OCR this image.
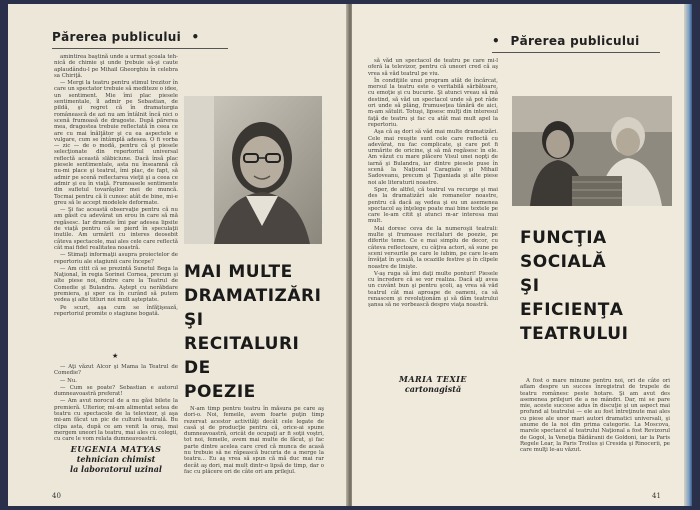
Părerea publicului •

amintirea baştină unde a urmat şcoala teh-nică de chimie şi unde ţrebuie să-şi caute aplaudându-l pe Mihail Gheorghiu în celebra sa Chiriţă.

— Mergi la teatru pentru stimul trezitor în care un spectator trebuie să mediteze o idee, un sentiment. Mie îmi plac piesele sentimentale, îl admir pe Sebastian, de pildă, şi regret că în dramaturgia românească de azi nu am întâlnit încă nici o scenă frumoasă de dragoste. După părerea mea, dragostea trebuie reflectată în ceea ce are cu mai înălţător şi cu ea aspectele e vulgare, cum se întâmplă adesea. O fi vorba — zic — de o modă, pentru că şi piesele selecţionate din repertoriul universal reflectă această slăbiciune. Dacă însă plac piesele sentimentale, asta nu înseamnă că nu-mi place şi teatrul, îmi plac, de fapt, să admir pe scenă reflectarea vieţii şi a ceea ce admir şi eu în viaţă. Frumoasele sentimente din sufletul tovarăşilor mei de muncă. Tocmai pentru că îi cunosc atât de bine, mi-e greu să le accept modelele deformate.

— Şi fac această observaţie pentru că nu am găsit cu adevărat un erou în care să mă regăsesc. Iar dramele îmi par adesea lipsite de viaţă pentru că se pierd în speculaţii inutile. Am urmărit cu interes deosebit câteva spectacole, mai ales cele care reflectă cât mai fidel realitatea noastră.

— Stimaţi informaţii asupra proiectelor de repertoriu ale stagiunii care începe?

— Am citit că se prezintă Sunetul Bega la Naţional, în regia Sorinei Cornea, precum şi alte piese noi, dintre care la Teatrul de Comedie şi Bulandra. Aştept cu nerăbdare premiera, şi sper ca în curând să putem vedea şi alte titluri noi mult aşteptate.

Pe scurt, aşa cum se înfăţişează, repertoriul promite o stagiune bogată.

★

— Aţi văzut Alcor şi Mama la Teatrul de Comedie?

— Nu.

— Cum se poate? Sebastian e autorul dumneavoastră preferat!

— Am avut norocul de a nu găsi bilete la premieră. Ulterior, mi-am alimentat setea de teatru cu spectacole de la televizor, şi aşa mi-am făcut un pic de cultură teatrală. Bu clipa asta, după ce am venit la oraş, mai mergem uneori la teatru, mai ales cu colegii, cu care le vom relata dumneavoastră.

EUGENIA MATYAS
tehnician chimist
la laboratorul uzinal
MAI MULTE
DRAMATIZĂRI
ŞI
RECITALURI
DE
POEZIE

N-am timp pentru teatru în măsura pe care aş dori-o. Noi, femeile, avem foarte puţin timp rezervat acestor activităţi decât cele legate de casă şi de producţie pentru că, orice-ai spune dumneavoastră, oricât de ocupaţi ar fi soţii voştri, tot noi, femeile, avem mai multe de făcut, şi fac parte dintre acelea care cred că munca de acasă nu trebuie să ne răpească bucuria de a merge la teatru... Eu aş vrea să spun că mă duc mai rar decât aş dori, mai mult dintr-o lipsă de timp, dar o fac cu plăcere ori de câte ori am prilejul.

40
• Părerea publicului

să văd un spectacol de teatru pe care mi-l oferă la televizor, pentru că uneori cred că aş vrea să văd teatrul pe viu.

În condiţiile unui program atât de încărcat, mersul la teatru este o veritabilă sărbătoare, cu emoţie şi cu bucurie. Şi atunci vreau să mă destind, să văd un spectacol unde să pot râde ori unde să plâng, frumuseţea tânără de aici, m-am sătulit. Totuşi, lipsesc mulţi din interesul faţă de teatru şi fac cu atât mai mult apel la repertoriu.

Aşa că aş dori să văd mai multe dramatizări. Cele mai reuşite sunt cele care reflectă cu adevărat, nu fac complicate, şi care pot fi urmărite de oricine, şi să mă regăsesc în ele. Am văzut cu mare plăcere Visul unei nopţi de iarnă şi Bulandra, iar dintre piesele puse în scenă la Naţional Caragiale şi Mihail Sadoveanu, precum şi Ţiganiada şi alte piese noi ale literaturii noastre.

Sper, de altfel, că teatrul va recurge şi mai des la dramatizări ale romanelor noastre, pentru că dacă aş vedea şi eu un asemenea spectacol aş înţelege poate mai bine textele pe care le-am citit şi atunci m-ar interesa mai mult.

Mai doresc ceva de la numeroşii teatrali: multe şi frumoase recitaluri de poezie, pe diferite teme. Ce e mai simplu de decor, cu câteva reflectoare, cu câţiva actori, să sune pe sceni versurile pe care le iubim, pe care le-am învăţat în şcoală, la ocaziile festive şi în clipele noastre de linişte.

V-aş ruga să îmi daţi multe ponturi! Piesele cu încredere că se vor realiza. Dacă aţi avea un cuvânt bun şi pentru şcoli, aş vrea să văd teatrul cât mai aproape de oameni, ca să renascem şi revoluţionăm şi să dăm teatrului şansa să ne vorbească despre viaţa noastră.

MARIA TEXIE
cartonagistă
FUNCŢIA
SOCIALĂ
ŞI
EFICIENŢA
TEATRULUI

A fost o mare minune pentru noi, ori de câte ori aflam despre un succes înregistrat de trupele de teatru românesc peste hotare. Şi am avut des asemenea prilejuri de a ne mândri. Dar, mi se pare mie, aceste succese adus în discuţie şi un aspect mai profund al teatrului — ele au fost întreţinute mai ales cu piese ale unor mari autori dramatici universali, şi anume de la noi din prima categorie. La Moscova, marele spectacol al teatrului Naţional a fost Revizorul de Gogol, la Veneţia Bădăranii de Goldoni, iar la Paris Regele Lear, la Paris Troilus şi Cresida şi Rinocerii, pe care mulţi le-au văzut.

41
